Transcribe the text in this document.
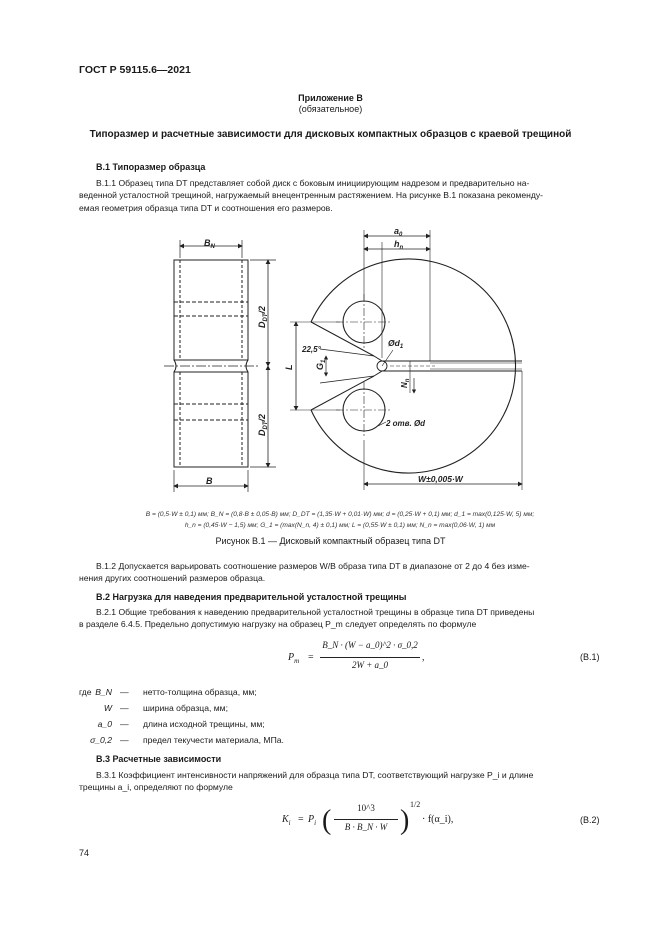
ГОСТ Р 59115.6—2021
Приложение В
(обязательное)
Типоразмер и расчетные зависимости для дисковых компактных образцов с краевой трещиной
В.1 Типоразмер образца
В.1.1 Образец типа DT представляет собой диск с боковым инициирующим надрезом и предварительно на-
веденной усталостной трещиной, нагружаемый внецентренным растяжением. На рисунке В.1 показана рекоменду-
емая геометрия образца типа DT и соотношения его размеров.
$B_N$
B
$D_{DT}/2$
$D_{DT}/2$
L
$a_0$
$h_n$
$G_1$
22,5°
$Ød_1$
$N_n$
2 отв. Ød
W±0,005·W
B = (0,5·W ± 0,1) мм; B_N = (0,8·B ± 0,05·B) мм; D_DT = (1,35·W + 0,01·W) мм; d = (0,25·W + 0,1) мм; d_1 = max(0,125·W, 5) мм;
h_n = (0,45·W − 1,5) мм; G_1 = (max(N_n, 4) ± 0,1) мм; L = (0,55·W ± 0,1) мм; N_n = max(0,06·W, 1) мм
Рисунок В.1 — Дисковый компактный образец типа DT
В.1.2 Допускается варьировать соотношение размеров W/B образа типа DT в диапазоне от 2 до 4 без изме-
нения других соотношений размеров образца.
В.2 Нагрузка для наведения предварительной усталостной трещины
В.2.1 Общие требования к наведению предварительной усталостной трещины в образце типа DT приведены
в разделе 6.4.5. Предельно допустимую нагрузку на образец P_m следует определять по формуле
$P_m$ =
B_N · (W − a_0)^2 · σ_0,2
2W + a_0
,	(В.1)
где B_N — нетто-толщина образца, мм;
W — ширина образца, мм;
a_0 — длина исходной трещины, мм;
σ_0,2 — предел текучести материала, МПа.
В.3 Расчетные зависимости
В.3.1 Коэффициент интенсивности напряжений для образца типа DT, соответствующий нагрузке P_i и длине
трещины a_i, определяют по формуле
$K_i = P_i$ (	10^3
B · B_N · W )
1/2
· f(α_i),	(В.2)
74
